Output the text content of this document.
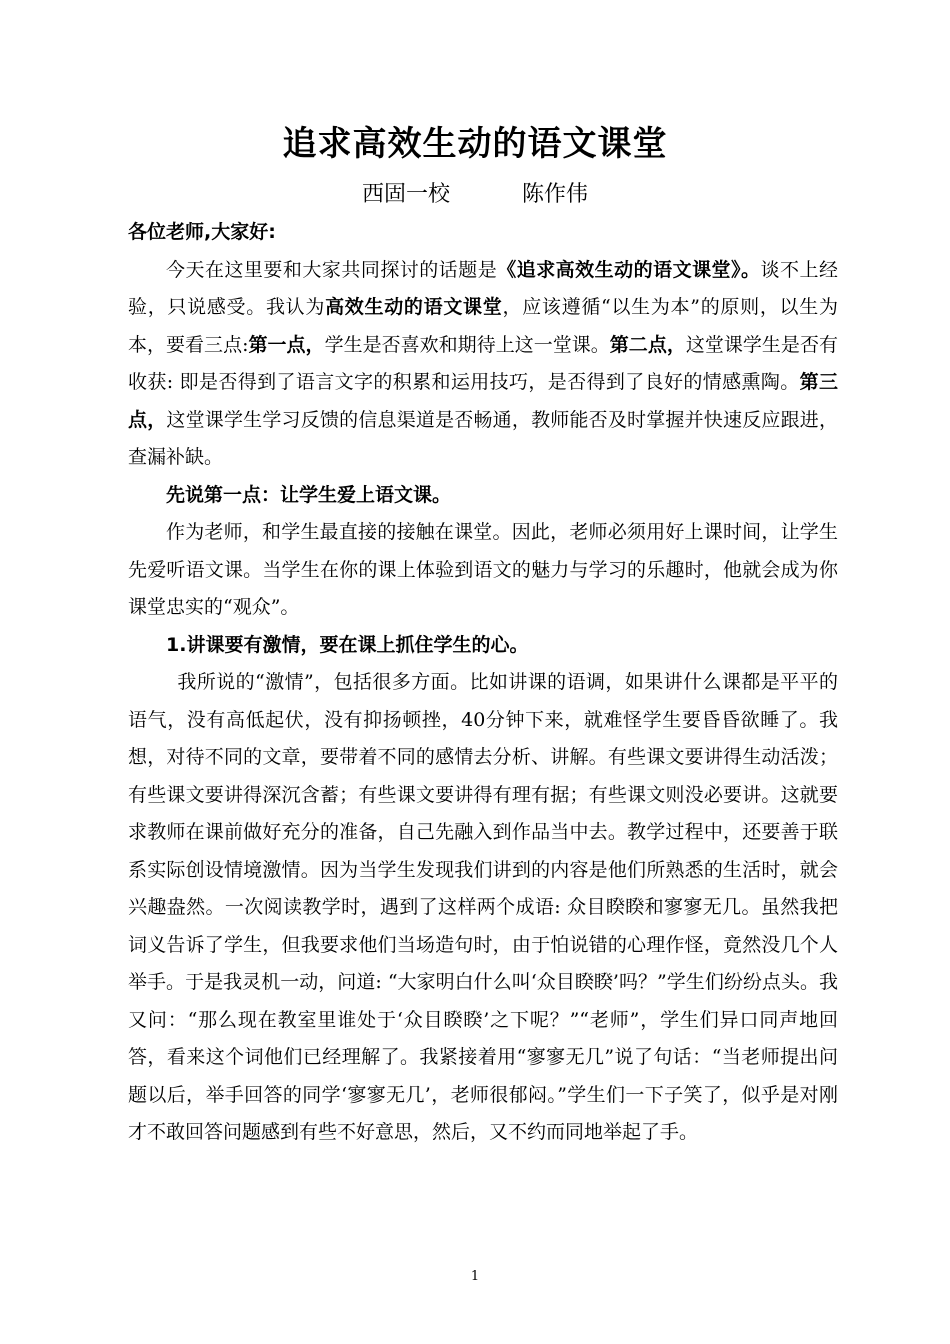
追求高效生动的语文课堂
西固一校	陈作伟

各位老师,大家好:

今天在这里要和大家共同探讨的话题是《追求高效生动的语文课堂》。谈不上经验，只说感受。我认为高效生动的语文课堂，应该遵循“以生为本”的原则，以生为本，要看三点:第一点，学生是否喜欢和期待上这一堂课。第二点，这堂课学生是否有收获: 即是否得到了语言文字的积累和运用技巧，是否得到了良好的情感熏陶。第三点，这堂课学生学习反馈的信息渠道是否畅通，教师能否及时掌握并快速反应跟进，查漏补缺。

先说第一点：让学生爱上语文课。

作为老师，和学生最直接的接触在课堂。因此，老师必须用好上课时间，让学生先爱听语文课。当学生在你的课上体验到语文的魅力与学习的乐趣时，他就会成为你课堂忠实的“观众”。

1.讲课要有激情，要在课上抓住学生的心。

我所说的“激情”，包括很多方面。比如讲课的语调，如果讲什么课都是平平的语气，没有高低起伏，没有抑扬顿挫，40分钟下来，就难怪学生要昏昏欲睡了。我想，对待不同的文章，要带着不同的感情去分析、讲解。有些课文要讲得生动活泼；有些课文要讲得深沉含蓄；有些课文要讲得有理有据；有些课文则没必要讲。这就要求教师在课前做好充分的准备，自己先融入到作品当中去。教学过程中，还要善于联系实际创设情境激情。因为当学生发现我们讲到的内容是他们所熟悉的生活时，就会兴趣盎然。一次阅读教学时，遇到了这样两个成语: 众目睽睽和寥寥无几。虽然我把词义告诉了学生，但我要求他们当场造句时，由于怕说错的心理作怪，竟然没几个人举手。于是我灵机一动，问道: “大家明白什么叫‘众目睽睽’吗？”学生们纷纷点头。我又问：“那么现在教室里谁处于‘众目睽睽’之下呢？”“老师”，学生们异口同声地回答，看来这个词他们已经理解了。我紧接着用“寥寥无几”说了句话：“当老师提出问题以后，举手回答的同学‘寥寥无几’，老师很郁闷。”学生们一下子笑了，似乎是对刚才不敢回答问题感到有些不好意思，然后，又不约而同地举起了手。

1
